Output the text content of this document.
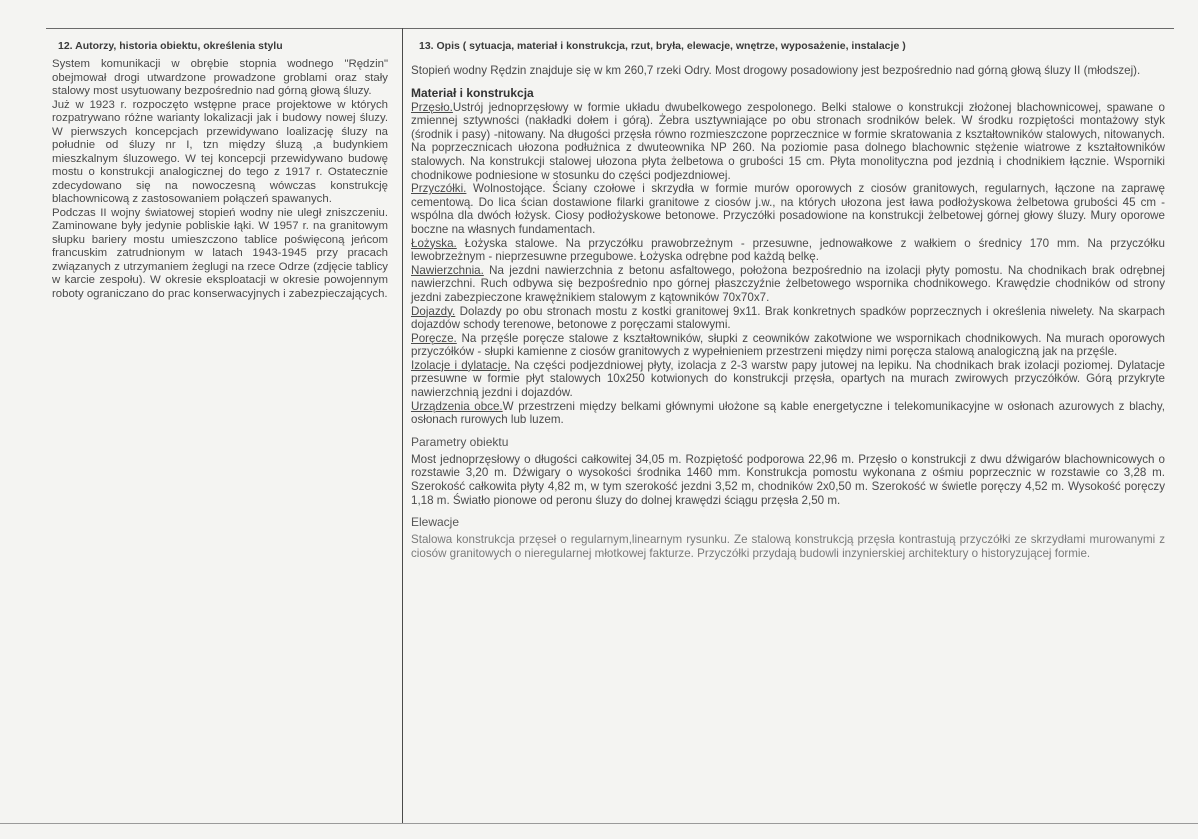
12. Autorzy, historia obiektu, określenia stylu

System komunikacji w obrębie stopnia wodnego "Rędzin" obejmował drogi utwardzone prowadzone groblami oraz stały stalowy most usytuowany bezpośrednio nad górną głową śluzy.

Już w 1923 r. rozpoczęto wstępne prace projektowe w których rozpatrywano różne warianty lokalizacji jak i budowy nowej śluzy. W pierwszych koncepcjach przewidywano loalizację śluzy na południe od śluzy nr I, tzn między śluzą ,a budynkiem mieszkalnym śluzowego. W tej koncepcji przewidywano budowę mostu o konstrukcji analogicznej do tego z 1917 r. Ostatecznie zdecydowano się na nowoczesną wówczas konstrukcję blachownicową z zastosowaniem połączeń spawanych.

Podczas II wojny światowej stopień wodny nie uległ zniszczeniu. Zaminowane były jedynie pobliskie łąki. W 1957 r. na granitowym słupku bariery mostu umieszczono tablice poświęconą jeńcom francuskim zatrudnionym w latach 1943-1945 przy pracach związanych z utrzymaniem żeglugi na rzece Odrze (zdjęcie tablicy w karcie zespołu). W okresie eksploatacji w okresie powojennym roboty ograniczano do prac konserwacyjnych i zabezpieczających.

13. Opis ( sytuacja, materiał i konstrukcja, rzut, bryła, elewacje, wnętrze, wyposażenie, instalacje )

Stopień wodny Rędzin znajduje się w km 260,7 rzeki Odry. Most drogowy posadowiony jest bezpośrednio nad górną głową śluzy II (młodszej).

Materiał i konstrukcja

Przęsło.Ustrój jednoprzęsłowy w formie układu dwubelkowego zespolonego. Belki stalowe o konstrukcji złożonej blachownicowej, spawane o zmiennej sztywności (nakładki dołem i górą). Żebra usztywniające po obu stronach srodników belek. W środku rozpiętości montażowy styk (środnik i pasy) -nitowany. Na długości przęsła równo rozmieszczone poprzecznice w formie skratowania z kształtowników stalowych, nitowanych. Na poprzecznicach ułozona podłużnica z dwuteownika NP 260. Na poziomie pasa dolnego blachownic stężenie wiatrowe z kształtowników stalowych. Na konstrukcji stalowej ułozona płyta żelbetowa o grubości 15 cm. Płyta monolityczna pod jezdnią i chodnikiem łącznie. Wsporniki chodnikowe podniesione w stosunku do części podjezdniowej.

Przyczółki. Wolnostojące. Ściany czołowe i skrzydła w formie murów oporowych z ciosów granitowych, regularnych, łączone na zaprawę cementową. Do lica ścian dostawione filarki granitowe z ciosów j.w., na których ułozona jest ława podłożyskowa żelbetowa grubości 45 cm - wspólna dla dwóch łożysk. Ciosy podłożyskowe betonowe. Przyczółki posadowione na konstrukcji żelbetowej górnej głowy śluzy. Mury oporowe boczne na własnych fundamentach.

Łożyska. Łożyska stalowe. Na przyczółku prawobrzeżnym - przesuwne, jednowałkowe z wałkiem o średnicy 170 mm. Na przyczółku lewobrzeżnym - nieprzesuwne przegubowe. Łożyska odrębne pod każdą belkę.

Nawierzchnia. Na jezdni nawierzchnia z betonu asfaltowego, położona bezpośrednio na izolacji płyty pomostu. Na chodnikach brak odrębnej nawierzchni. Ruch odbywa się bezpośrednio npo górnej płaszczyźnie żelbetowego wspornika chodnikowego. Krawędzie chodników od strony jezdni zabezpieczone krawężnikiem stalowym z kątowników 70x70x7.

Dojazdy. Dolazdy po obu stronach mostu z kostki granitowej 9x11. Brak konkretnych spadków poprzecznych i określenia niwelety. Na skarpach dojazdów schody terenowe, betonowe z poręczami stalowymi.

Poręcze. Na przęśle poręcze stalowe z kształtowników, słupki z ceowników zakotwione we wspornikach chodnikowych. Na murach oporowych przyczółków - słupki kamienne z ciosów granitowych z wypełnieniem przestrzeni między nimi poręcza stalową analogiczną jak na przęśle.

Izolacje i dylatacje. Na części podjezdniowej płyty, izolacja z 2-3 warstw papy jutowej na lepiku. Na chodnikach brak izolacji poziomej. Dylatacje przesuwne w formie płyt stalowych 10x250 kotwionych do konstrukcji przęsła, opartych na murach zwirowych przyczółków. Górą przykryte nawierzchnią jezdni i dojazdów.

Urządzenia obce.W przestrzeni między belkami głównymi ułożone są kable energetyczne i telekomunikacyjne w osłonach azurowych z blachy, osłonach rurowych lub luzem.

Parametry obiektu

Most jednoprzęsłowy o długości całkowitej 34,05 m. Rozpiętość podporowa 22,96 m. Przęsło o konstrukcji z dwu dźwigarów blachownicowych o rozstawie 3,20 m. Dźwigary o wysokości środnika 1460 mm. Konstrukcja pomostu wykonana z ośmiu poprzecznic w rozstawie co 3,28 m. Szerokość całkowita płyty 4,82 m, w tym szerokość jezdni 3,52 m, chodników 2x0,50 m. Szerokość w świetle poręczy 4,52 m. Wysokość poręczy 1,18 m. Światło pionowe od peronu śluzy do dolnej krawędzi ściągu przęsła 2,50 m.

Elewacje

Stalowa konstrukcja przęseł o regularnym,linearnym rysunku. Ze stalową konstrukcją przęsła kontrastują przyczółki ze skrzydłami murowanymi z ciosów granitowych o nieregularnej młotkowej fakturze. Przyczółki przydają budowli inzynierskiej architektury o historyzującej formie.
